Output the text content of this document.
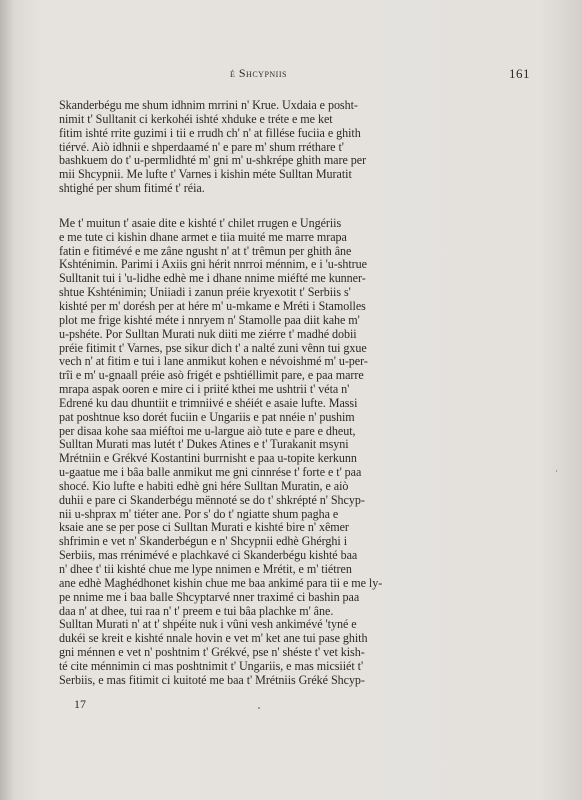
é Shcypniis	161

Skanderbégu me shum idhnim mrrini n' Krue. Uxdaia e posht-
nimit t' Sulltanit ci kerkohéi ishté xhduke e tréte e me ket
fitim ishté rrite guzimi i tii e rrudh ch' n' at fillése fuciia e ghith
tiérvé. Aiò idhnii e shperdaamé n' e pare m' shum rréthare t'
bashkuem do t' u-permlidhté m' gni m' u-shkrépe ghith mare per
mii Shcypnii. Me lufte t' Varnes i kishin méte Sulltan Muratit
shtighé per shum fitimé t' réia.

Me t' muitun t' asaie dite e kishté t' chilet rrugen e Ungériis
e me tute ci kishin dhane armet e tiia muité me marre mrapa
fatin e fitimévé e me zâne ngusht n' at t' trêmun per ghith âne
Kshténimin. Parimi i Axiis gni hérit nnrroi ménnim, e i 'u-shtrue
Sulltanit tui i 'u-lidhe edhè me i dhane nnime miéfté me kunner-
shtue Kshténimin; Uniiadi i zanun préie kryexotit t' Serbiis s'
kishté per m' dorésh per at hére m' u-mkame e Mréti i Stamolles
plot me frige kishté méte i nnryem n' Stamolle paa diit kahe m'
u-pshéte. Por Sulltan Murati nuk diiti me ziérre t' madhé dobii
préie fitimit t' Varnes, pse sikur dich t' a nalté zuni vênn tui gxue
vech n' at fitim e tui i lane anmikut kohen e névoishmé m' u-per-
trîi e m' u-gnaall préie asò frigét e pshtiéllimit pare, e paa marre
mrapa aspak ooren e mire ci i priité kthei me ushtrii t' véta n'
Edrené ku dau dhuntiit e trimniivé e shéiét e asaie lufte. Massi
pat poshtnue kso dorét fuciin e Ungariis e pat nnéie n' pushim
per disaa kohe saa miéftoi me u-largue aiò tute e pare e dheut,
Sulltan Murati mas lutét t' Dukes Atines e t' Turakanit msyni
Mrétniin e Grékvé Kostantini burrnisht e paa u-topite kerkunn
u-gaatue me i bâa balle anmikut me gni cinnrése t' forte e t' paa
shocé. Kio lufte e habiti edhè gni hére Sulltan Muratin, e aiò
duhii e pare ci Skanderbégu mënnoté se do t' shkrépté n' Shcyp-
nii u-shprax m' tiéter ane. Por s' do t' ngiatte shum pagha e
ksaie ane se per pose ci Sulltan Murati e kishté bire n' xêmer
shfrimin e vet n' Skanderbégun e n' Shcypnii edhè Ghérghi i
Serbiis, mas rrénimévé e plachkavé ci Skanderbégu kishté baa
n' dhee t' tii kishté chue me lype nnimen e Mrétit, e m' tiétren
ane edhè Maghédhonet kishin chue me baa ankimé para tii e me ly-
pe nnime me i baa balle Shcyptarvé nner traximé ci bashin paa
daa n' at dhee, tui raa n' t' preem e tui bâa plachke m' âne.
Sulltan Murati n' at t' shpéite nuk i vûni vesh ankimévé 'tyné e
dukéi se kreit e kishté nnale hovin e vet m' ket ane tui pase ghith
gni ménnen e vet n' poshtnim t' Grékvé, pse n' shéste t' vet kish-
té cite ménnimin ci mas poshtnimit t' Ungariis, e mas micsiiét t'
Serbiis, e mas fitimit ci kuitoté me baa t' Mrétniis Gréké Shcyp-

17
